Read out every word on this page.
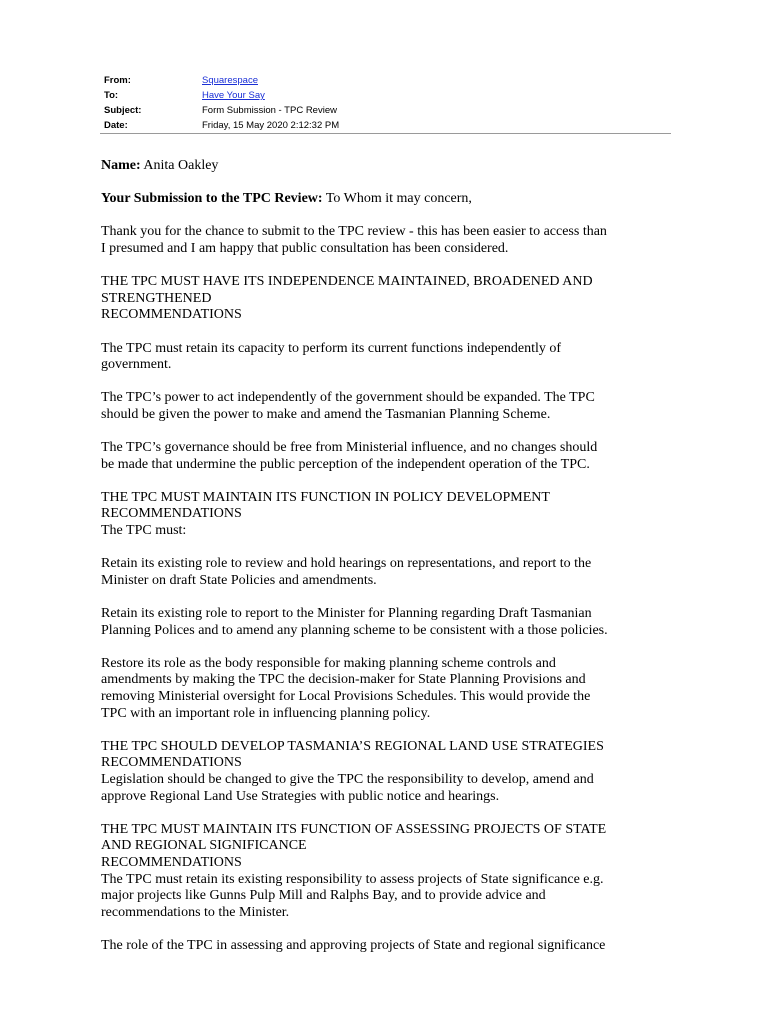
From:	Squarespace
To:	Have Your Say
Subject:	Form Submission - TPC Review
Date:	Friday, 15 May 2020 2:12:32 PM

Name: Anita Oakley

Your Submission to the TPC Review: To Whom it may concern,

Thank you for the chance to submit to the TPC review - this has been easier to access than
I presumed and I am happy that public consultation has been considered.

THE TPC MUST HAVE ITS INDEPENDENCE MAINTAINED, BROADENED AND
STRENGTHENED
RECOMMENDATIONS

The TPC must retain its capacity to perform its current functions independently of
government.

The TPC’s power to act independently of the government should be expanded. The TPC
should be given the power to make and amend the Tasmanian Planning Scheme.

The TPC’s governance should be free from Ministerial influence, and no changes should
be made that undermine the public perception of the independent operation of the TPC.

THE TPC MUST MAINTAIN ITS FUNCTION IN POLICY DEVELOPMENT
RECOMMENDATIONS
The TPC must:

Retain its existing role to review and hold hearings on representations, and report to the
Minister on draft State Policies and amendments.

Retain its existing role to report to the Minister for Planning regarding Draft Tasmanian
Planning Polices and to amend any planning scheme to be consistent with a those policies.

Restore its role as the body responsible for making planning scheme controls and
amendments by making the TPC the decision-maker for State Planning Provisions and
removing Ministerial oversight for Local Provisions Schedules. This would provide the
TPC with an important role in influencing planning policy.

THE TPC SHOULD DEVELOP TASMANIA’S REGIONAL LAND USE STRATEGIES
RECOMMENDATIONS
Legislation should be changed to give the TPC the responsibility to develop, amend and
approve Regional Land Use Strategies with public notice and hearings.

THE TPC MUST MAINTAIN ITS FUNCTION OF ASSESSING PROJECTS OF STATE
AND REGIONAL SIGNIFICANCE
RECOMMENDATIONS
The TPC must retain its existing responsibility to assess projects of State significance e.g.
major projects like Gunns Pulp Mill and Ralphs Bay, and to provide advice and
recommendations to the Minister.

The role of the TPC in assessing and approving projects of State and regional significance
